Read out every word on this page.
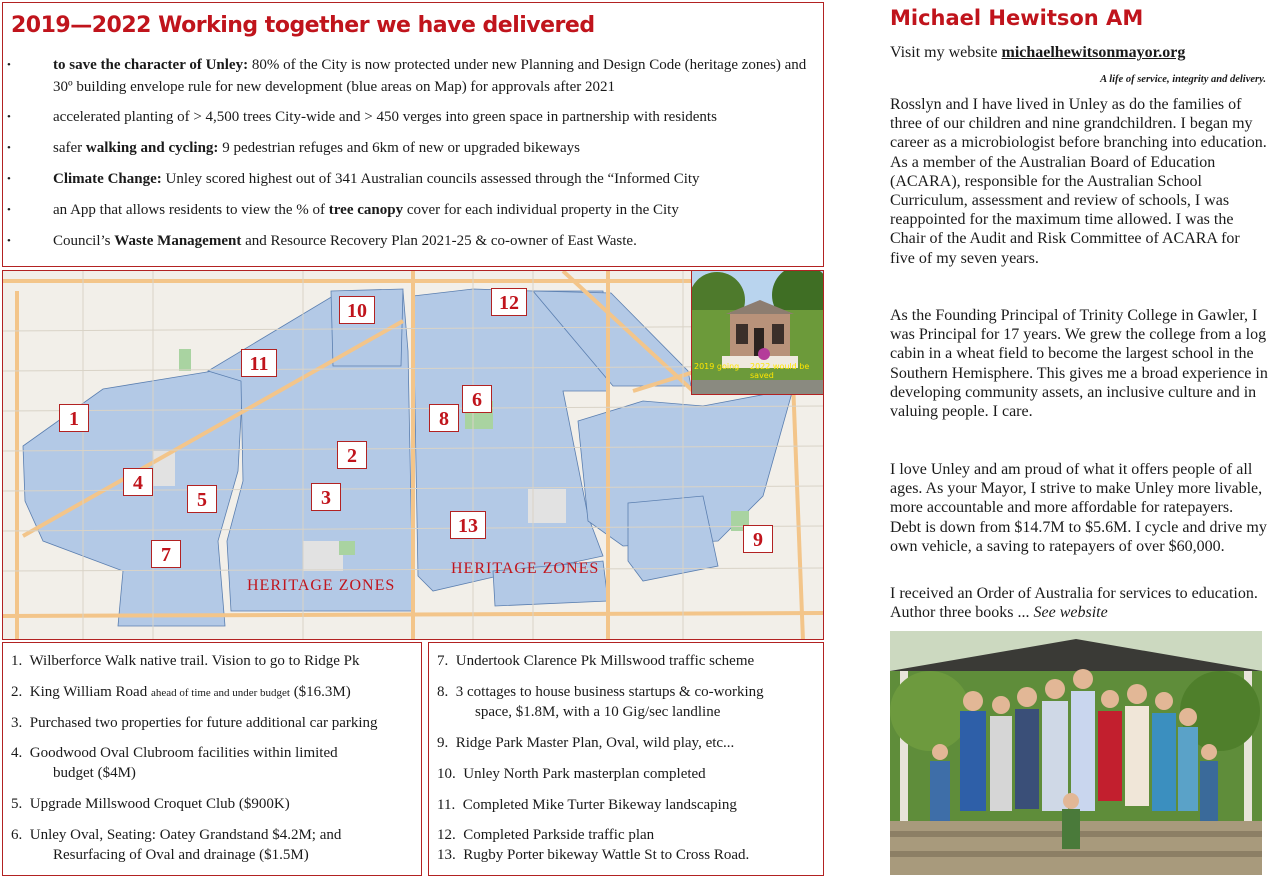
2019—2022 Working together we have delivered
•	to save the character of Unley: 80% of the City is now protected under new Planning and Design Code (heritage zones) and 30º building envelope rule for new development (blue areas on Map) for approvals after 2021
•	accelerated planting of > 4,500 trees City-wide and > 450 verges into green space in partnership with residents
•	safer walking and cycling: 9 pedestrian refuges and 6km of new or upgraded bikeways
•	Climate Change: Unley scored highest out of 341 Australian councils assessed through the “Informed City
•	an App that allows residents to view the % of tree canopy cover for each individual property in the City
•	Council’s Waste Management and Resource Recovery Plan 2021-25 & co-owner of East Waste.
1
2
3
4
5
6
7
8
9
10
11
12
13
HERITAGE ZONES
HERITAGE ZONES
2019 going 2022 would be saved
1. Wilberforce Walk native trail. Vision to go to Ridge Pk
2. King William Road ahead of time and under budget ($16.3M)
3. Purchased two properties for future additional car parking
4. Goodwood Oval Clubroom facilities within limited
budget ($4M)
5. Upgrade Millswood Croquet Club ($900K)
6. Unley Oval, Seating: Oatey Grandstand $4.2M; and
Resurfacing of Oval and drainage ($1.5M)
7. Undertook Clarence Pk Millswood traffic scheme
8. 3 cottages to house business startups & co-working
space, $1.8M, with a 10 Gig/sec landline
9. Ridge Park Master Plan, Oval, wild play, etc...
10. Unley North Park masterplan completed
11. Completed Mike Turter Bikeway landscaping
12. Completed Parkside traffic plan
13. Rugby Porter bikeway Wattle St to Cross Road.
Michael Hewitson AM
Visit my website michaelhewitsonmayor.org
A life of service, integrity and delivery.

Rosslyn and I have lived in Unley as do the families of three of our children and nine grandchildren. I began my career as a microbiologist before branching into education. As a member of the Australian Board of Education (ACARA), responsible for the Australian School Curriculum, assessment and review of schools, I was reappointed for the maximum time allowed. I was the Chair of the Audit and Risk Committee of ACARA for five of my seven years.

As the Founding Principal of Trinity College in Gawler, I was Principal for 17 years. We grew the college from a log cabin in a wheat field to become the largest school in the Southern Hemisphere. This gives me a broad experience in developing community assets, an inclusive culture and in valuing people. I care.

I love Unley and am proud of what it offers people of all ages. As your Mayor, I strive to make Unley more livable, more accountable and more affordable for ratepayers. Debt is down from $14.7M to $5.6M. I cycle and drive my own vehicle, a saving to ratepayers of over $60,000.

I received an Order of Australia for services to education. Author three books ... See website
